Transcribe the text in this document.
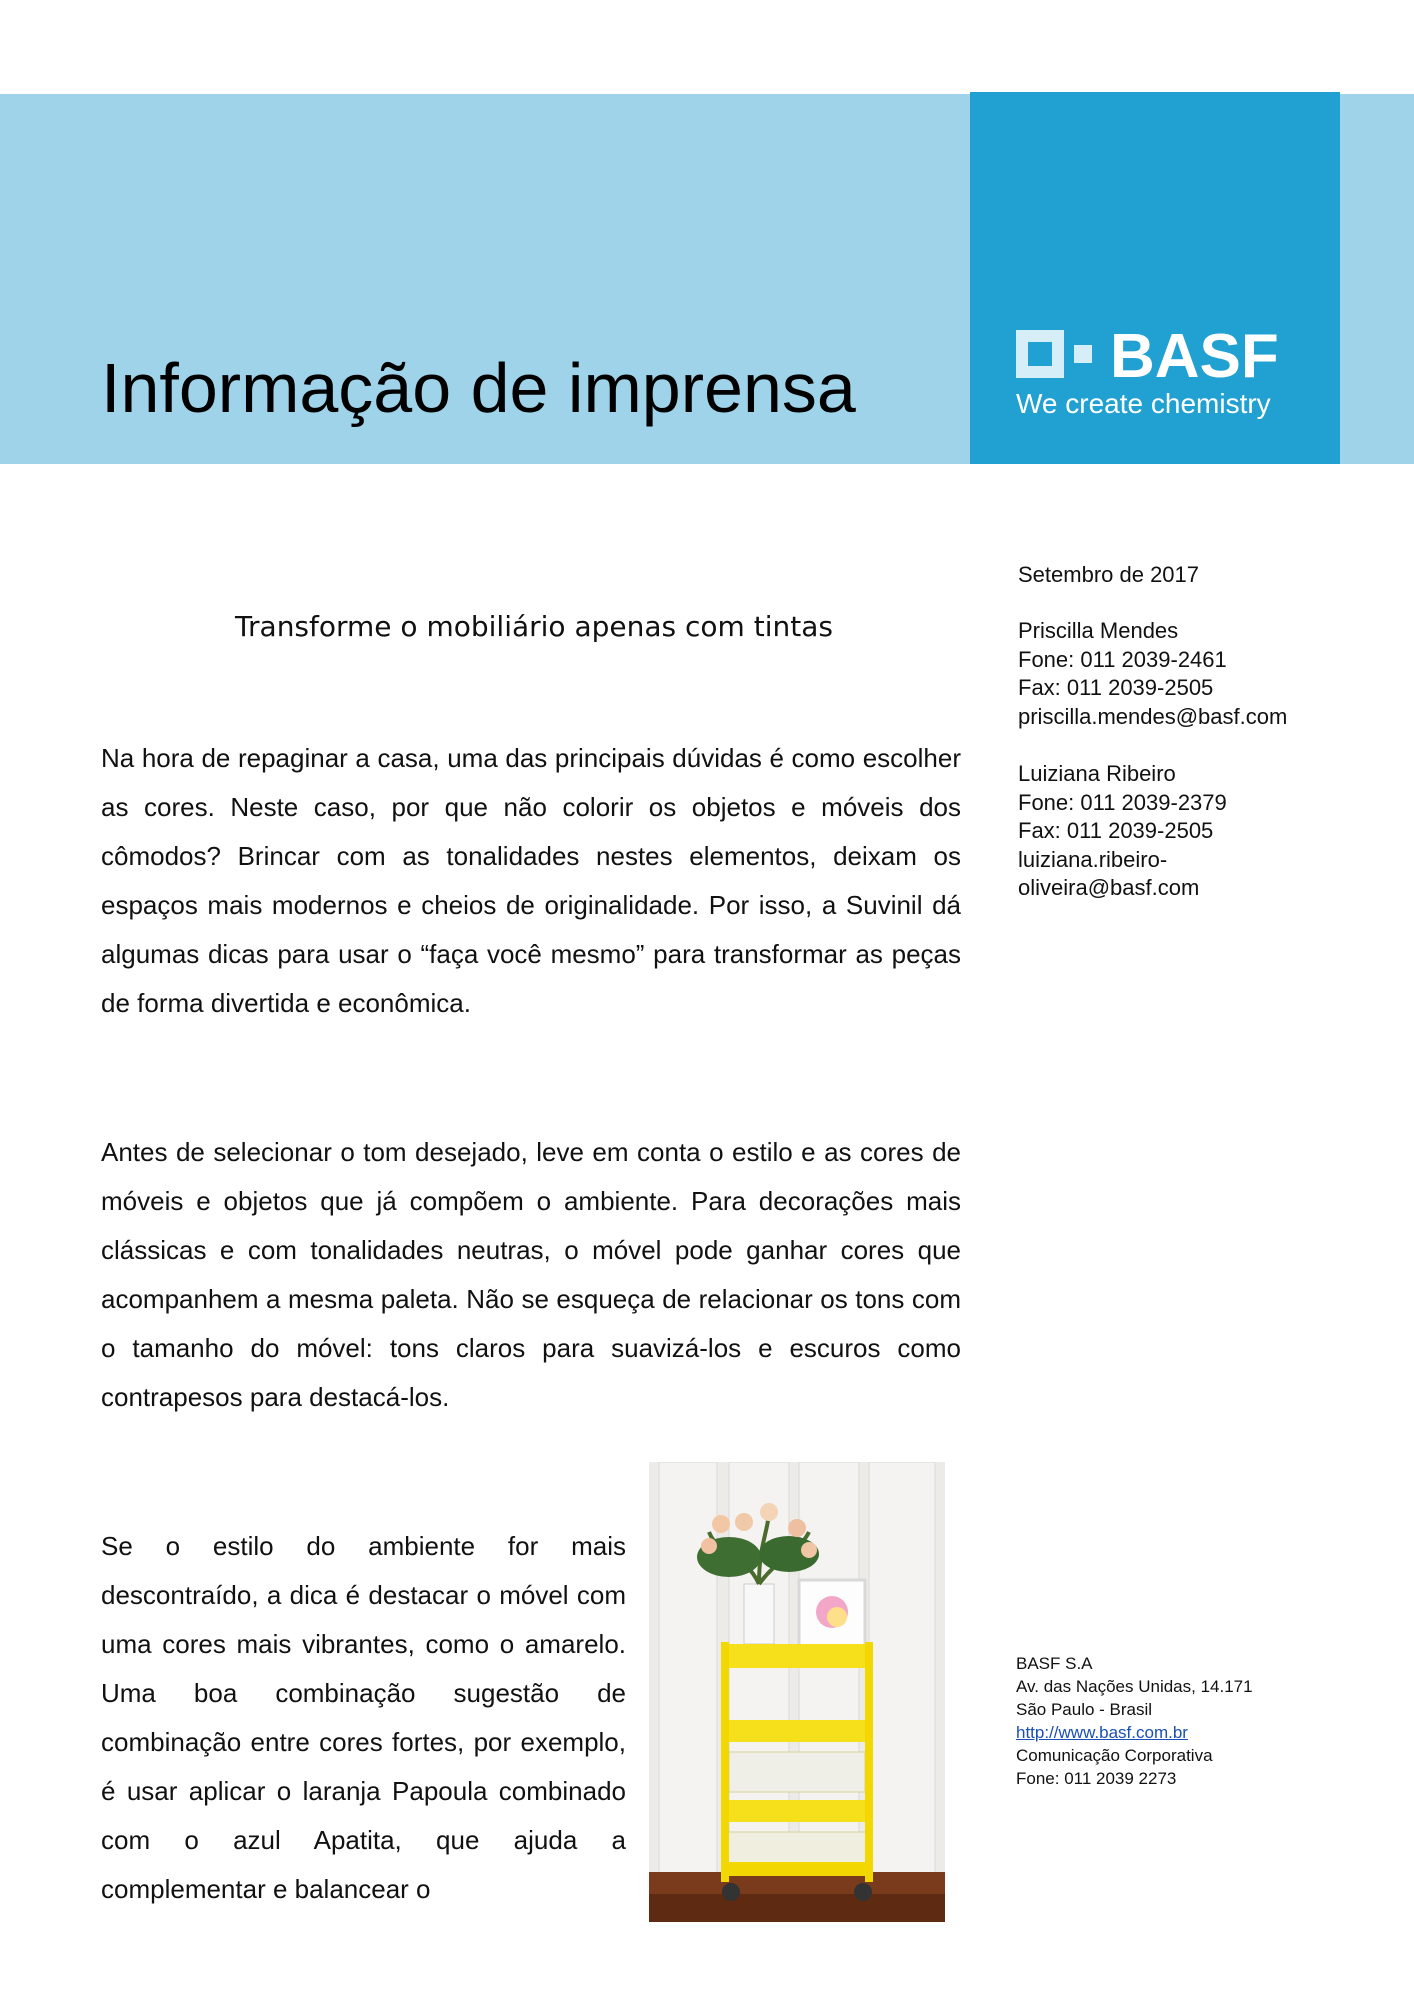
BASF
We create chemistry
Informação de imprensa
Transforme o mobiliário apenas com tintas

Na hora de repaginar a casa, uma das principais dúvidas é como escolher as cores. Neste caso, por que não colorir os objetos e móveis dos cômodos? Brincar com as tonalidades nestes elementos, deixam os espaços mais modernos e cheios de originalidade. Por isso, a Suvinil dá algumas dicas para usar o “faça você mesmo” para transformar as peças de forma divertida e econômica.

Antes de selecionar o tom desejado, leve em conta o estilo e as cores de móveis e objetos que já compõem o ambiente. Para decorações mais clássicas e com tonalidades neutras, o móvel pode ganhar cores que acompanhem a mesma paleta. Não se esqueça de relacionar os tons com o tamanho do móvel: tons claros para suavizá-los e escuros como contrapesos para destacá-los.

Se o estilo do ambiente for mais descontraído, a dica é destacar o móvel com uma cores mais vibrantes, como o amarelo. Uma boa combinação sugestão de combinação entre cores fortes, por exemplo, é usar aplicar o laranja Papoula combinado com o azul Apatita, que ajuda a complementar e balancear o

Setembro de 2017
Priscilla Mendes
Fone: 011 2039-2461
Fax: 011 2039-2505
priscilla.mendes@basf.com
Luiziana Ribeiro
Fone: 011 2039-2379
Fax: 011 2039-2505
luiziana.ribeiro-
oliveira@basf.com
BASF S.A
Av. das Nações Unidas, 14.171
São Paulo - Brasil
http://www.basf.com.br
Comunicação Corporativa
Fone: 011 2039 2273
